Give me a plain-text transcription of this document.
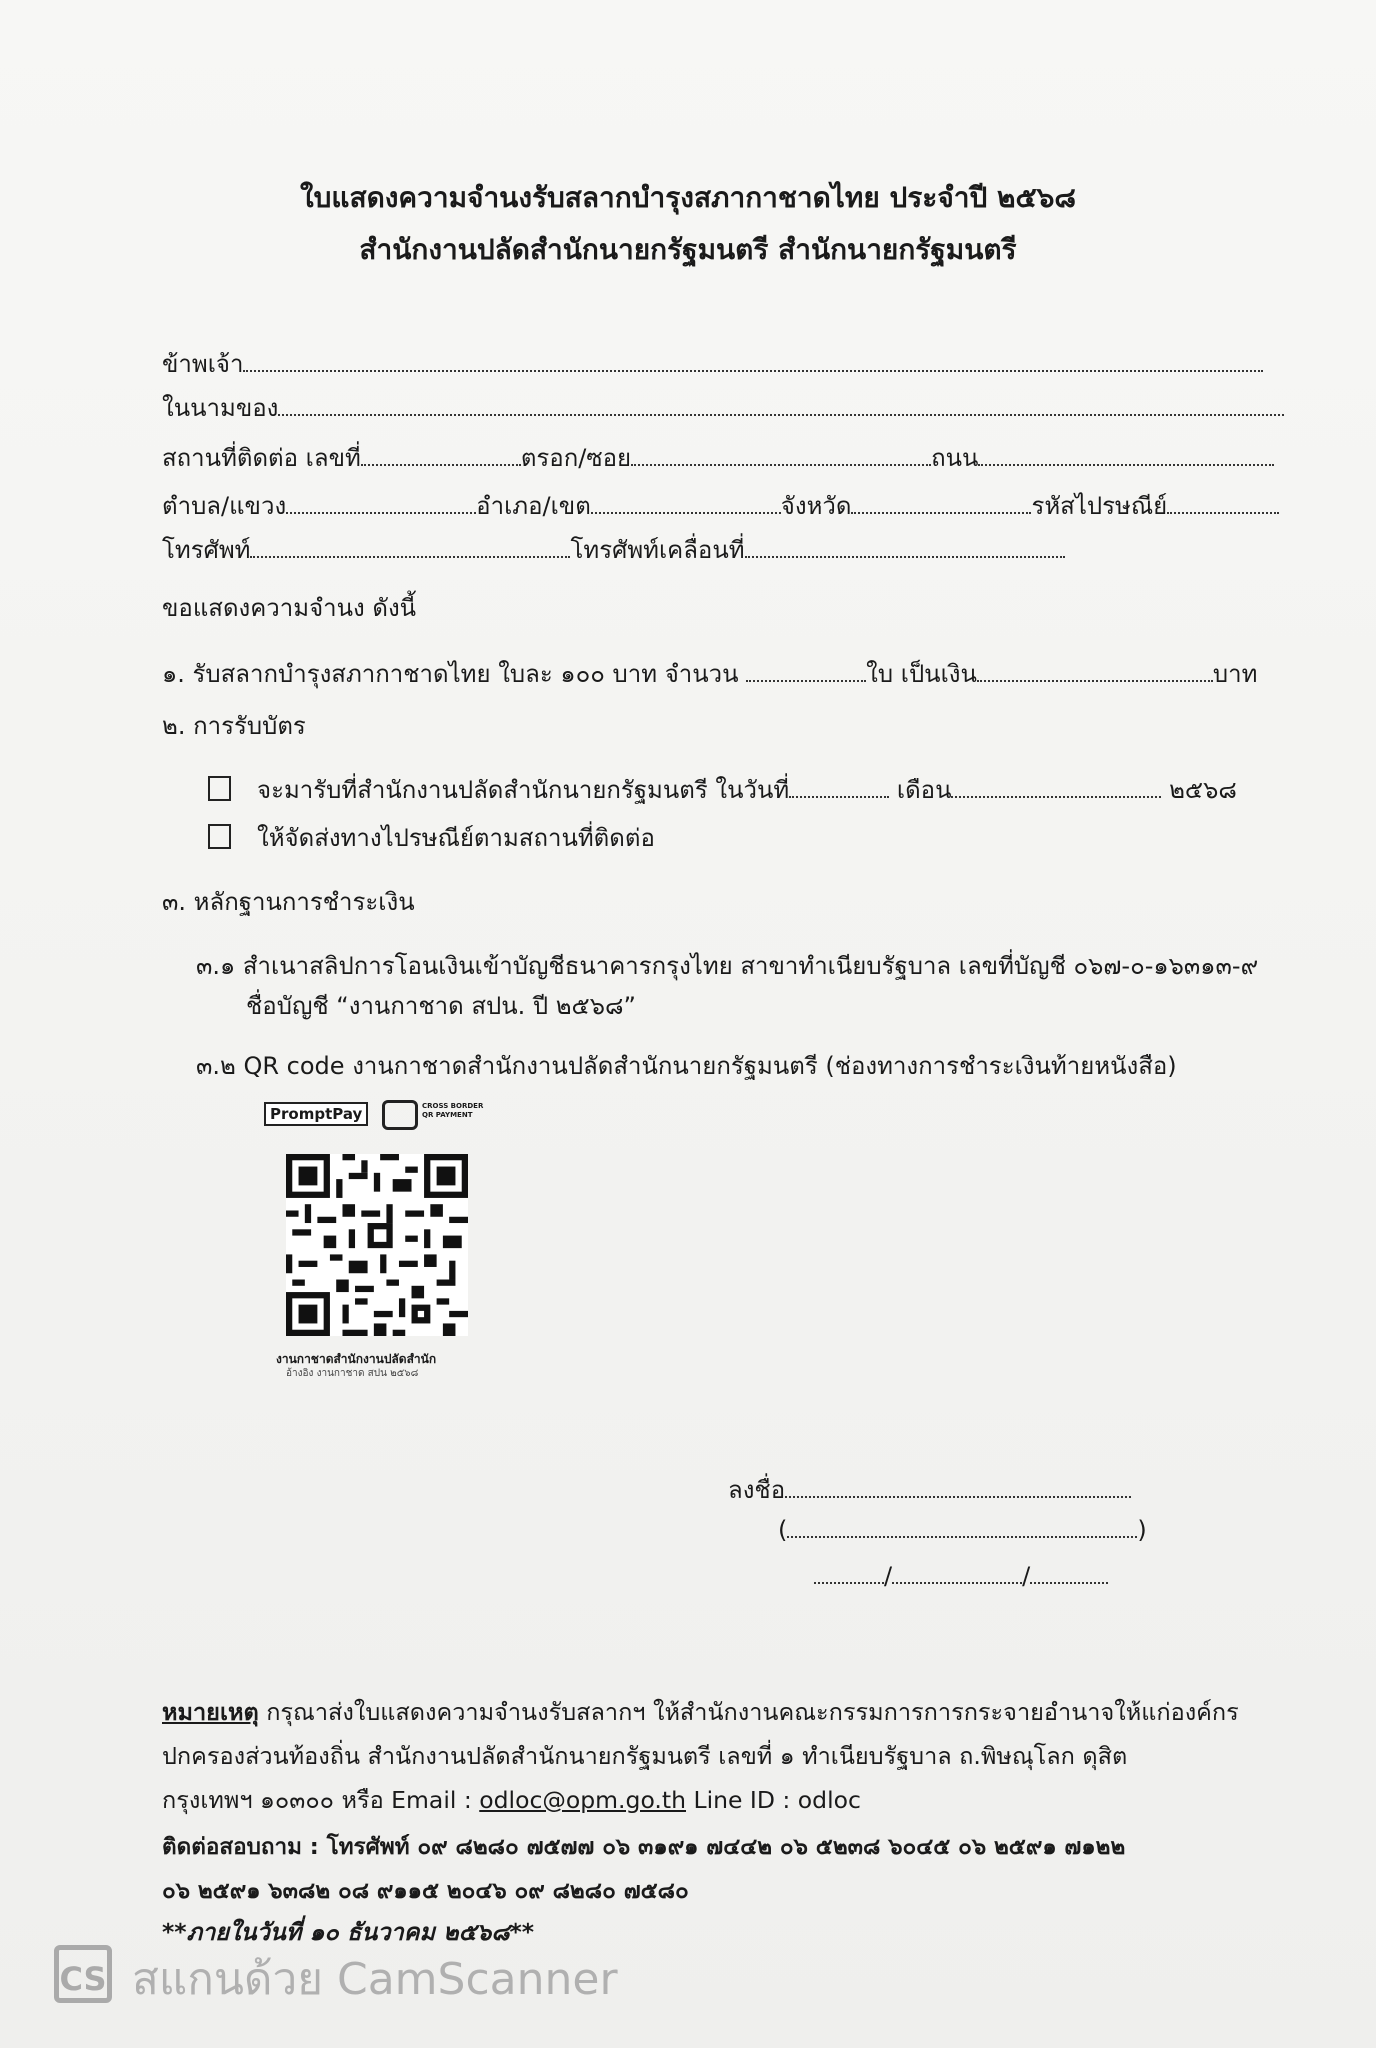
ใบแสดงความจำนงรับสลากบำรุงสภากาชาดไทย ประจำปี ๒๕๖๘
สำนักงานปลัดสำนักนายกรัฐมนตรี สำนักนายกรัฐมนตรี
ข้าพเจ้า
ในนามของ
สถานที่ติดต่อ เลขที่	ตรอก/ซอย	ถนน
ตำบล/แขวง	อำเภอ/เขต	จังหวัด	รหัสไปรษณีย์
โทรศัพท์	โทรศัพท์เคลื่อนที่
ขอแสดงความจำนง ดังนี้
๑. รับสลากบำรุงสภากาชาดไทย ใบละ ๑๐๐ บาท จำนวน	ใบ เป็นเงิน	บาท
๒. การรับบัตร
จะมารับที่สำนักงานปลัดสำนักนายกรัฐมนตรี ในวันที่	เดือน	๒๕๖๘
ให้จัดส่งทางไปรษณีย์ตามสถานที่ติดต่อ
๓. หลักฐานการชำระเงิน
๓.๑ สำเนาสลิปการโอนเงินเข้าบัญชีธนาคารกรุงไทย สาขาทำเนียบรัฐบาล เลขที่บัญชี ๐๖๗-๐-๑๖๓๑๓-๙
ชื่อบัญชี “งานกาชาด สปน. ปี ๒๕๖๘”
๓.๒ QR code งานกาชาดสำนักงานปลัดสำนักนายกรัฐมนตรี (ช่องทางการชำระเงินท้ายหนังสือ)
PromptPay	CROSS BORDER
QR PAYMENT
งานกาชาดสำนักงานปลัดสำนัก
อ้างอิง งานกาชาด สปน ๒๕๖๘
ลงชื่อ
(	)
/	/
หมายเหตุ กรุณาส่งใบแสดงความจำนงรับสลากฯ ให้สำนักงานคณะกรรมการการกระจายอำนาจให้แก่องค์กร
ปกครองส่วนท้องถิ่น สำนักงานปลัดสำนักนายกรัฐมนตรี เลขที่ ๑ ทำเนียบรัฐบาล ถ.พิษณุโลก ดุสิต
กรุงเทพฯ ๑๐๓๐๐ หรือ Email : odloc@opm.go.th Line ID : odloc
ติดต่อสอบถาม : โทรศัพท์ ๐๙ ๘๒๘๐ ๗๕๗๗ ๐๖ ๓๑๙๑ ๗๔๔๒ ๐๖ ๕๒๓๘ ๖๐๔๕ ๐๖ ๒๕๙๑ ๗๑๒๒
๐๖ ๒๕๙๑ ๖๓๘๒ ๐๘ ๙๑๑๕ ๒๐๔๖ ๐๙ ๘๒๘๐ ๗๕๘๐
**ภายในวันที่ ๑๐ ธันวาคม ๒๕๖๘**
CS สแกนด้วย CamScanner
